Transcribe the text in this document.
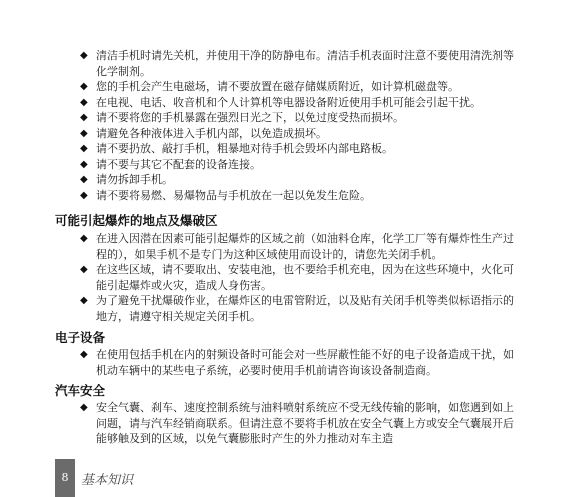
◆ 清洁手机时请先关机，并使用干净的防静电布。清洁手机表面时注意不要使用清洗剂等化学制剂。
◆ 您的手机会产生电磁场，请不要放置在磁存储媒质附近，如计算机磁盘等。
◆ 在电视、电话、收音机和个人计算机等电器设备附近使用手机可能会引起干扰。
◆ 请不要将您的手机暴露在强烈日光之下，以免过度受热而损坏。
◆ 请避免各种液体进入手机内部，以免造成损坏。
◆ 请不要扔放、敲打手机，粗暴地对待手机会毁坏内部电路板。
◆ 请不要与其它不配套的设备连接。
◆ 请勿拆卸手机。
◆ 请不要将易燃、易爆物品与手机放在一起以免发生危险。
可能引起爆炸的地点及爆破区
◆ 在进入因潜在因素可能引起爆炸的区域之前（如油料仓库，化学工厂等有爆炸性生产过程的），如果手机不是专门为这种区域使用而设计的，请您先关闭手机。
◆ 在这些区域，请不要取出、安装电池，也不要给手机充电，因为在这些环境中，火化可能引起爆炸或火灾，造成人身伤害。
◆ 为了避免干扰爆破作业，在爆炸区的电雷管附近，以及贴有关闭手机等类似标语指示的地方，请遵守相关规定关闭手机。
电子设备
◆ 在使用包括手机在内的射频设备时可能会对一些屏蔽性能不好的电子设备造成干扰，如机动车辆中的某些电子系统，必要时使用手机前请咨询该设备制造商。
汽车安全
◆ 安全气囊、刹车、速度控制系统与油料喷射系统应不受无线传输的影响，如您遇到如上问题，请与汽车经销商联系。但请注意不要将手机放在安全气囊上方或安全气囊展开后能够触及到的区域，以免气囊膨胀时产生的外力推动对车主造
8 基本知识
